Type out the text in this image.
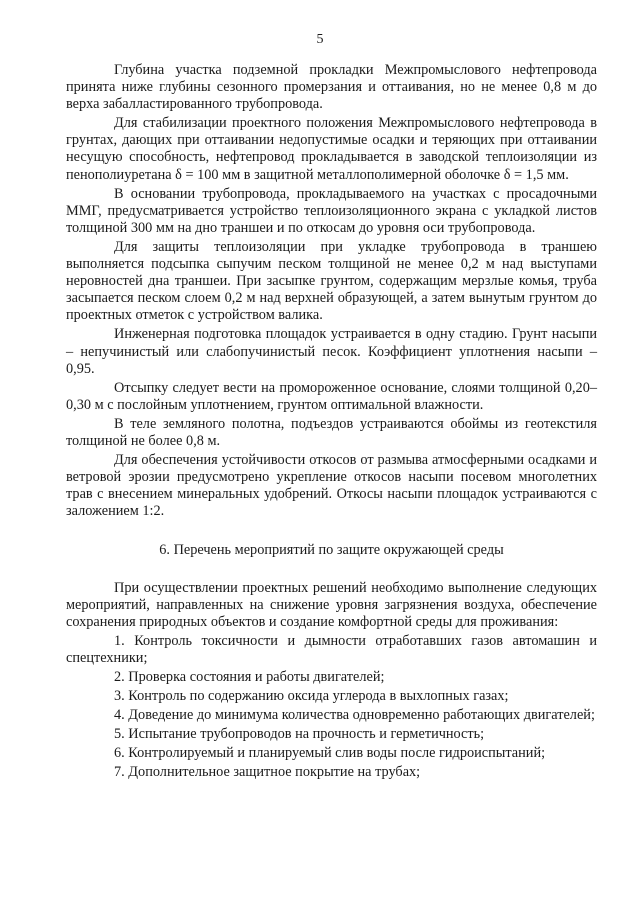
5

Глубина участка подземной прокладки Межпромыслового нефтепровода принята ниже глубины сезонного промерзания и оттаивания, но не менее 0,8 м до верха забалластированного трубопровода.

Для стабилизации проектного положения Межпромыслового нефтепровода в грунтах, дающих при оттаивании недопустимые осадки и теряющих при оттаивании несущую способность, нефтепровод прокладывается в заводской теплоизоляции из пенополиуретана δ = 100 мм в защитной металлополимерной оболочке δ = 1,5 мм.

В основании трубопровода, прокладываемого на участках с просадочными ММГ, предусматривается устройство теплоизоляционного экрана с укладкой листов толщиной 300 мм на дно траншеи и по откосам до уровня оси трубопровода.

Для защиты теплоизоляции при укладке трубопровода в траншею выполняется подсыпка сыпучим песком толщиной не менее 0,2 м над выступами неровностей дна траншеи. При засыпке грунтом, содержащим мерзлые комья, труба засыпается песком слоем 0,2 м над верхней образующей, а затем вынутым грунтом до проектных отметок с устройством валика.

Инженерная подготовка площадок устраивается в одну стадию. Грунт насыпи – непучинистый или слабопучинистый песок. Коэффициент уплотнения насыпи – 0,95.

Отсыпку следует вести на промороженное основание, слоями толщиной 0,20–0,30 м с послойным уплотнением, грунтом оптимальной влажности.

В теле земляного полотна, подъездов устраиваются обоймы из геотекстиля толщиной не более 0,8 м.

Для обеспечения устойчивости откосов от размыва атмосферными осадками и ветровой эрозии предусмотрено укрепление откосов насыпи посевом многолетних трав с внесением минеральных удобрений. Откосы насыпи площадок устраиваются с заложением 1:2.

6. Перечень мероприятий по защите окружающей среды

При осуществлении проектных решений необходимо выполнение следующих мероприятий, направленных на снижение уровня загрязнения воздуха, обеспечение сохранения природных объектов и создание комфортной среды для проживания:

1. Контроль токсичности и дымности отработавших газов автомашин и спецтехники;
2. Проверка состояния и работы двигателей;
3. Контроль по содержанию оксида углерода в выхлопных газах;
4. Доведение до минимума количества одновременно работающих двигателей;
5. Испытание трубопроводов на прочность и герметичность;
6. Контролируемый и планируемый слив воды после гидроиспытаний;
7. Дополнительное защитное покрытие на трубах;
